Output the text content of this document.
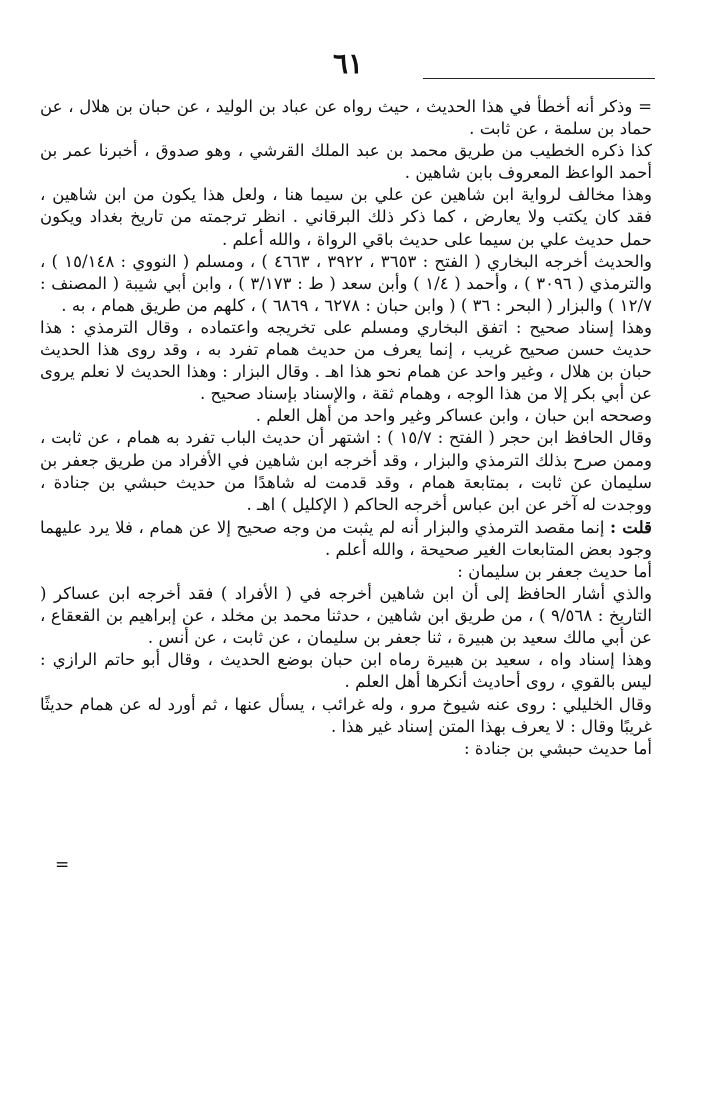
٦١

= وذكر أنه أخطأ في هذا الحديث ، حيث رواه عن عباد بن الوليد ، عن حبان بن هلال ، عن حماد بن سلمة ، عن ثابت .

كذا ذكره الخطيب من طريق محمد بن عبد الملك القرشي ، وهو صدوق ، أخبرنا عمر بن أحمد الواعظ المعروف بابن شاهين .

وهذا مخالف لرواية ابن شاهين عن علي بن سيما هنا ، ولعل هذا يكون من ابن شاهين ، فقد كان يكتب ولا يعارض ، كما ذكر ذلك البرقاني . انظر ترجمته من تاريخ بغداد ويكون حمل حديث علي بن سيما على حديث باقي الرواة ، والله أعلم .

والحديث أخرجه البخاري ( الفتح : ٣٦٥٣ ، ٣٩٢٢ ، ٤٦٦٣ ) ، ومسلم ( النووي : ١٥/١٤٨ ) ، والترمذي ( ٣٠٩٦ ) ، وأحمد ( ١/٤ ) وأبن سعد ( ط : ٣/١٧٣ ) ، وابن أبي شيبة ( المصنف : ١٢/٧ ) والبزار ( البحر : ٣٦ ) ( وابن حبان : ٦٢٧٨ ، ٦٨٦٩ ) ، كلهم من طريق همام ، به .

وهذا إسناد صحيح : اتفق البخاري ومسلم على تخريجه واعتماده ، وقال الترمذي : هذا حديث حسن صحيح غريب ، إنما يعرف من حديث همام تفرد به ، وقد روى هذا الحديث حبان بن هلال ، وغير واحد عن همام نحو هذا اهـ . وقال البزار : وهذا الحديث لا نعلم يروى عن أبي بكر إلا من هذا الوجه ، وهمام ثقة ، والإسناد بإسناد صحيح .

وصححه ابن حبان ، وابن عساكر وغير واحد من أهل العلم .

وقال الحافظ ابن حجر ( الفتح : ١٥/٧ ) : اشتهر أن حديث الباب تفرد به همام ، عن ثابت ، وممن صرح بذلك الترمذي والبزار ، وقد أخرجه ابن شاهين في الأفراد من طريق جعفر بن سليمان عن ثابت ، بمتابعة همام ، وقد قدمت له شاهدًا من حديث حبشي بن جنادة ، ووجدت له آخر عن ابن عباس أخرجه الحاكم ( الإكليل ) اهـ .

قلت : إنما مقصد الترمذي والبزار أنه لم يثبت من وجه صحيح إلا عن همام ، فلا يرد عليهما وجود بعض المتابعات الغير صحيحة ، والله أعلم .

أما حديث جعفر بن سليمان :

والذي أشار الحافظ إلى أن ابن شاهين أخرجه في ( الأفراد ) فقد أخرجه ابن عساكر ( التاريخ : ٩/٥٦٨ ) ، من طريق ابن شاهين ، حدثنا محمد بن مخلد ، عن إبراهيم بن القعقاع ، عن أبي مالك سعيد بن هبيرة ، ثنا جعفر بن سليمان ، عن ثابت ، عن أنس .

وهذا إسناد واه ، سعيد بن هبيرة رماه ابن حبان بوضع الحديث ، وقال أبو حاتم الرازي : ليس بالقوي ، روى أحاديث أنكرها أهل العلم .

وقال الخليلي : روى عنه شيوخ مرو ، وله غرائب ، يسأل عنها ، ثم أورد له عن همام حديثًا غريبًا وقال : لا يعرف بهذا المتن إسناد غير هذا .

أما حديث حبشي بن جنادة :

=
